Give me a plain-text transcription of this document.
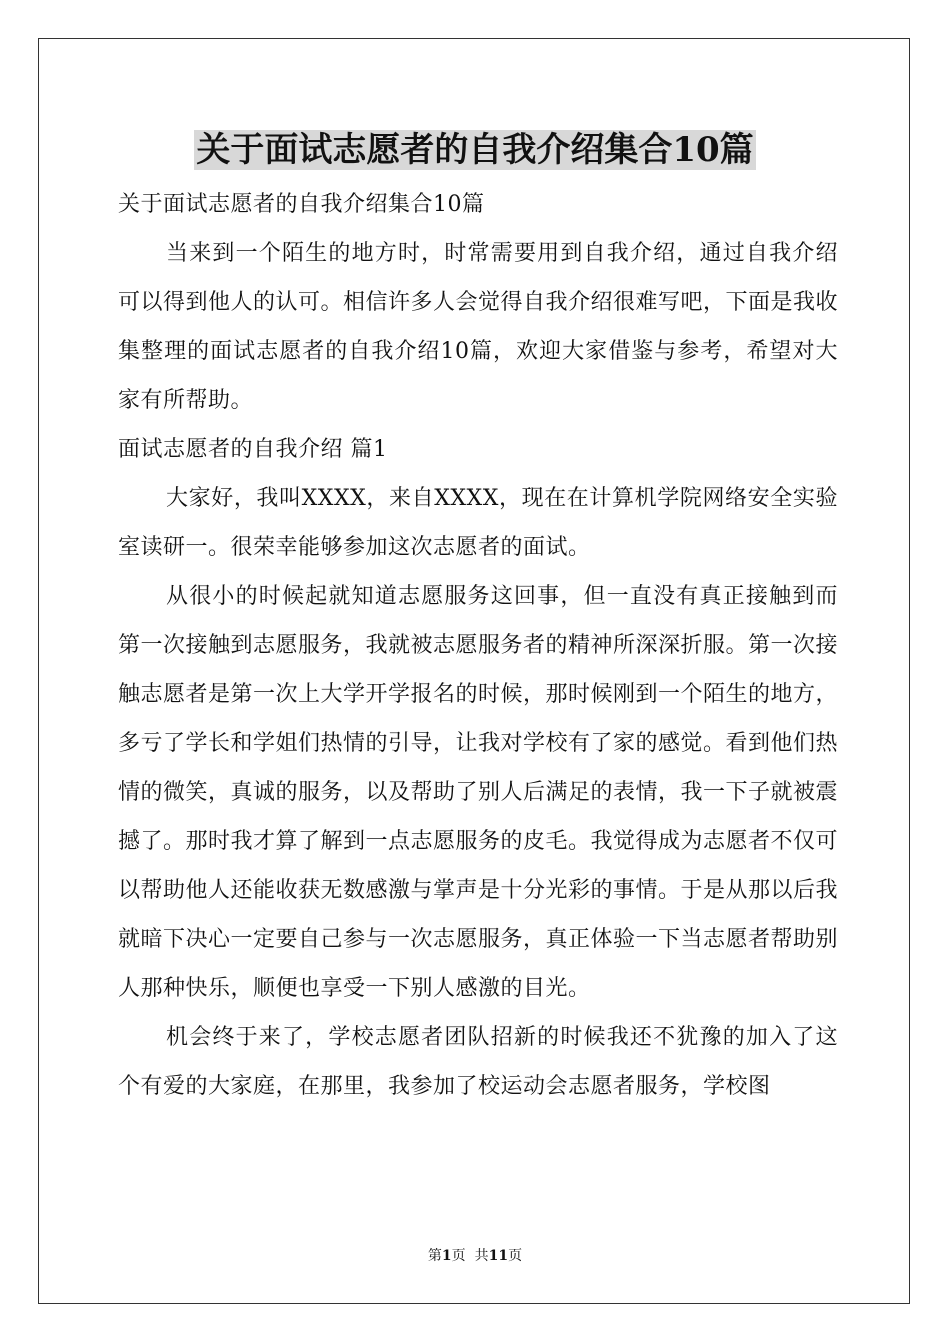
关于面试志愿者的自我介绍集合10篇

关于面试志愿者的自我介绍集合10篇

当来到一个陌生的地方时，时常需要用到自我介绍，通过自我介绍可以得到他人的认可。相信许多人会觉得自我介绍很难写吧，下面是我收集整理的面试志愿者的自我介绍10篇，欢迎大家借鉴与参考，希望对大家有所帮助。

面试志愿者的自我介绍 篇1

大家好，我叫XXXX，来自XXXX，现在在计算机学院网络安全实验室读研一。很荣幸能够参加这次志愿者的面试。

从很小的时候起就知道志愿服务这回事，但一直没有真正接触到而第一次接触到志愿服务，我就被志愿服务者的精神所深深折服。第一次接触志愿者是第一次上大学开学报名的时候，那时候刚到一个陌生的地方，多亏了学长和学姐们热情的引导，让我对学校有了家的感觉。看到他们热情的微笑，真诚的服务，以及帮助了别人后满足的表情，我一下子就被震撼了。那时我才算了解到一点志愿服务的皮毛。我觉得成为志愿者不仅可以帮助他人还能收获无数感激与掌声是十分光彩的事情。于是从那以后我就暗下决心一定要自己参与一次志愿服务，真正体验一下当志愿者帮助别人那种快乐，顺便也享受一下别人感激的目光。

机会终于来了，学校志愿者团队招新的时候我还不犹豫的加入了这个有爱的大家庭，在那里，我参加了校运动会志愿者服务，学校图

第1页  共11页
